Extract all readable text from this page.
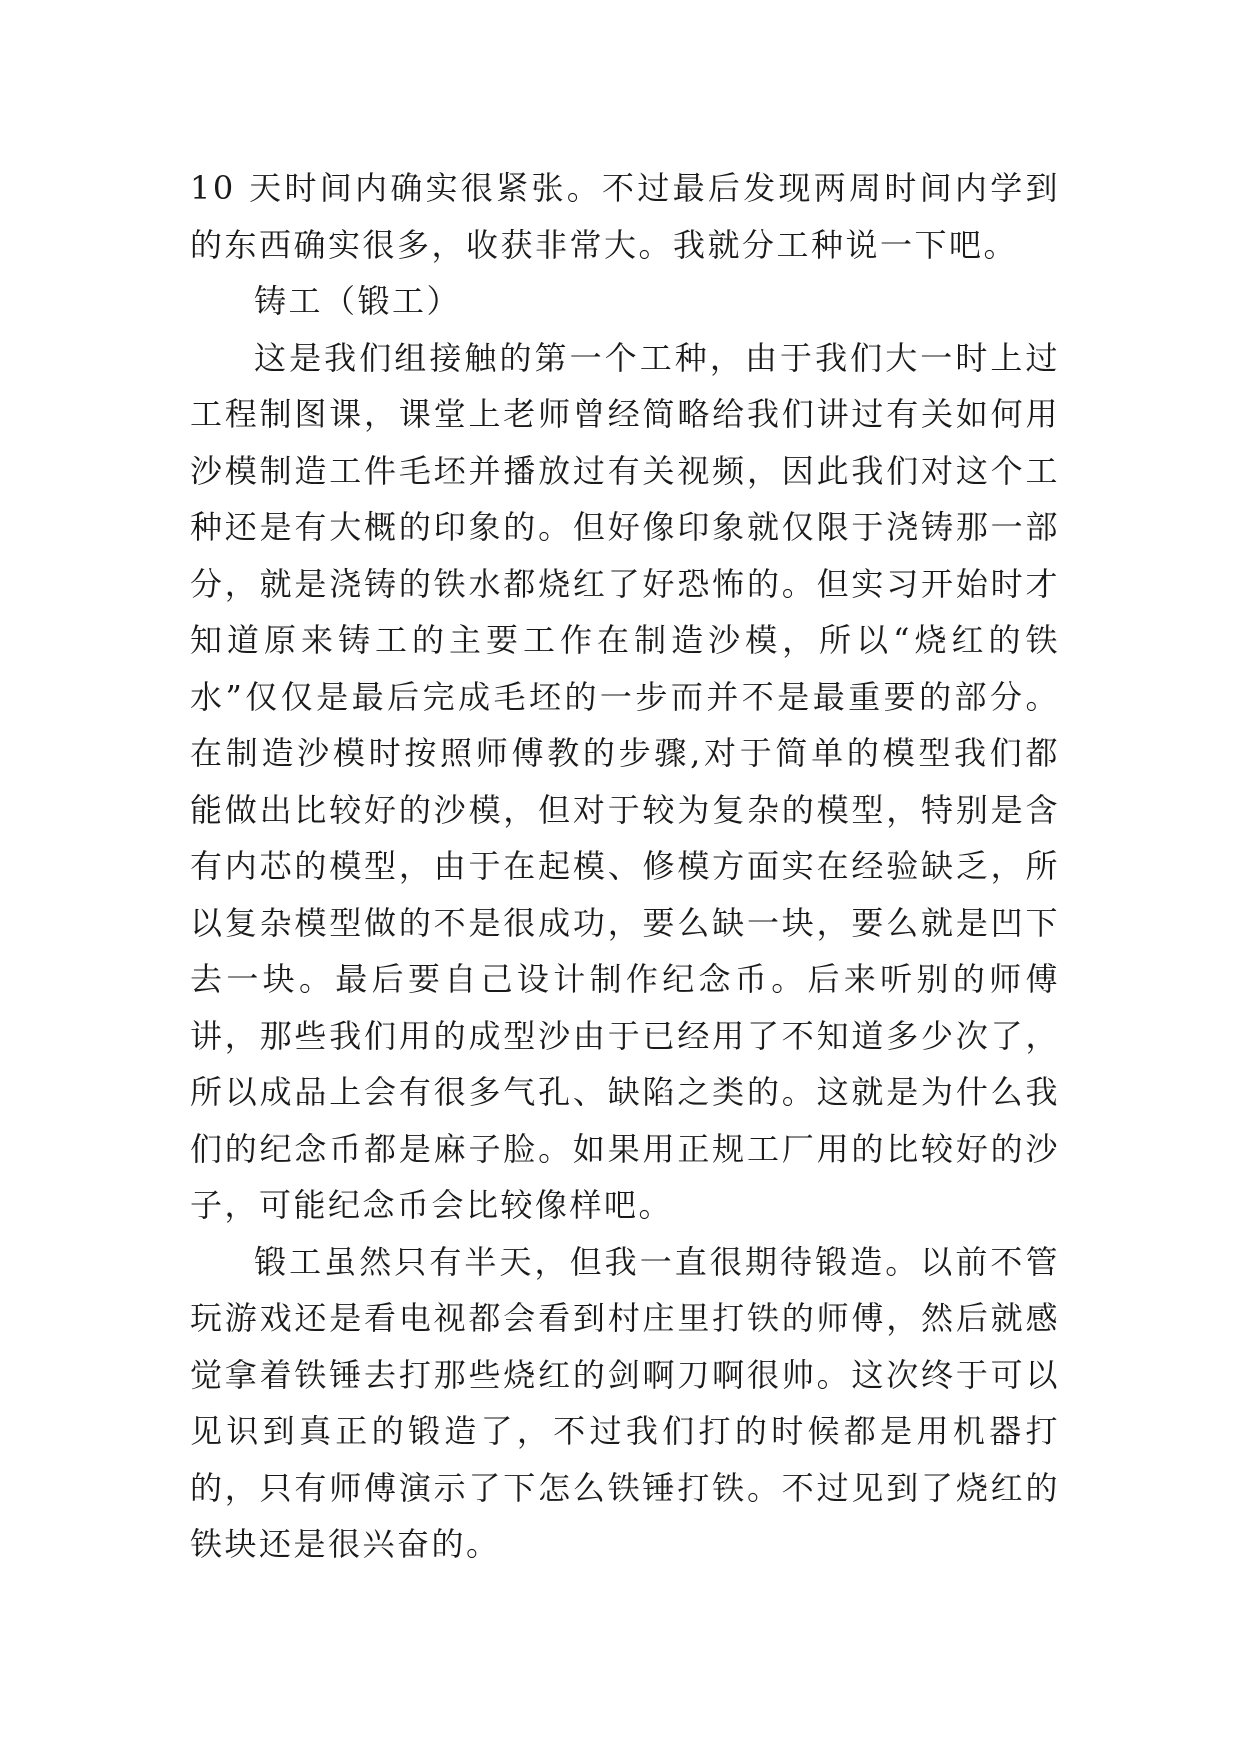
10 天时间内确实很紧张。不过最后发现两周时间内学到的东西确实很多，收获非常大。我就分工种说一下吧。

铸工（锻工）

这是我们组接触的第一个工种，由于我们大一时上过工程制图课，课堂上老师曾经简略给我们讲过有关如何用沙模制造工件毛坯并播放过有关视频，因此我们对这个工种还是有大概的印象的。但好像印象就仅限于浇铸那一部分，就是浇铸的铁水都烧红了好恐怖的。但实习开始时才知道原来铸工的主要工作在制造沙模，所以“烧红的铁水”仅仅是最后完成毛坯的一步而并不是最重要的部分。在制造沙模时按照师傅教的步骤,对于简单的模型我们都能做出比较好的沙模，但对于较为复杂的模型，特别是含有内芯的模型，由于在起模、修模方面实在经验缺乏，所以复杂模型做的不是很成功，要么缺一块，要么就是凹下去一块。最后要自己设计制作纪念币。后来听别的师傅讲，那些我们用的成型沙由于已经用了不知道多少次了，所以成品上会有很多气孔、缺陷之类的。这就是为什么我们的纪念币都是麻子脸。如果用正规工厂用的比较好的沙子，可能纪念币会比较像样吧。

锻工虽然只有半天，但我一直很期待锻造。以前不管玩游戏还是看电视都会看到村庄里打铁的师傅，然后就感觉拿着铁锤去打那些烧红的剑啊刀啊很帅。这次终于可以见识到真正的锻造了，不过我们打的时候都是用机器打的，只有师傅演示了下怎么铁锤打铁。不过见到了烧红的铁块还是很兴奋的。
